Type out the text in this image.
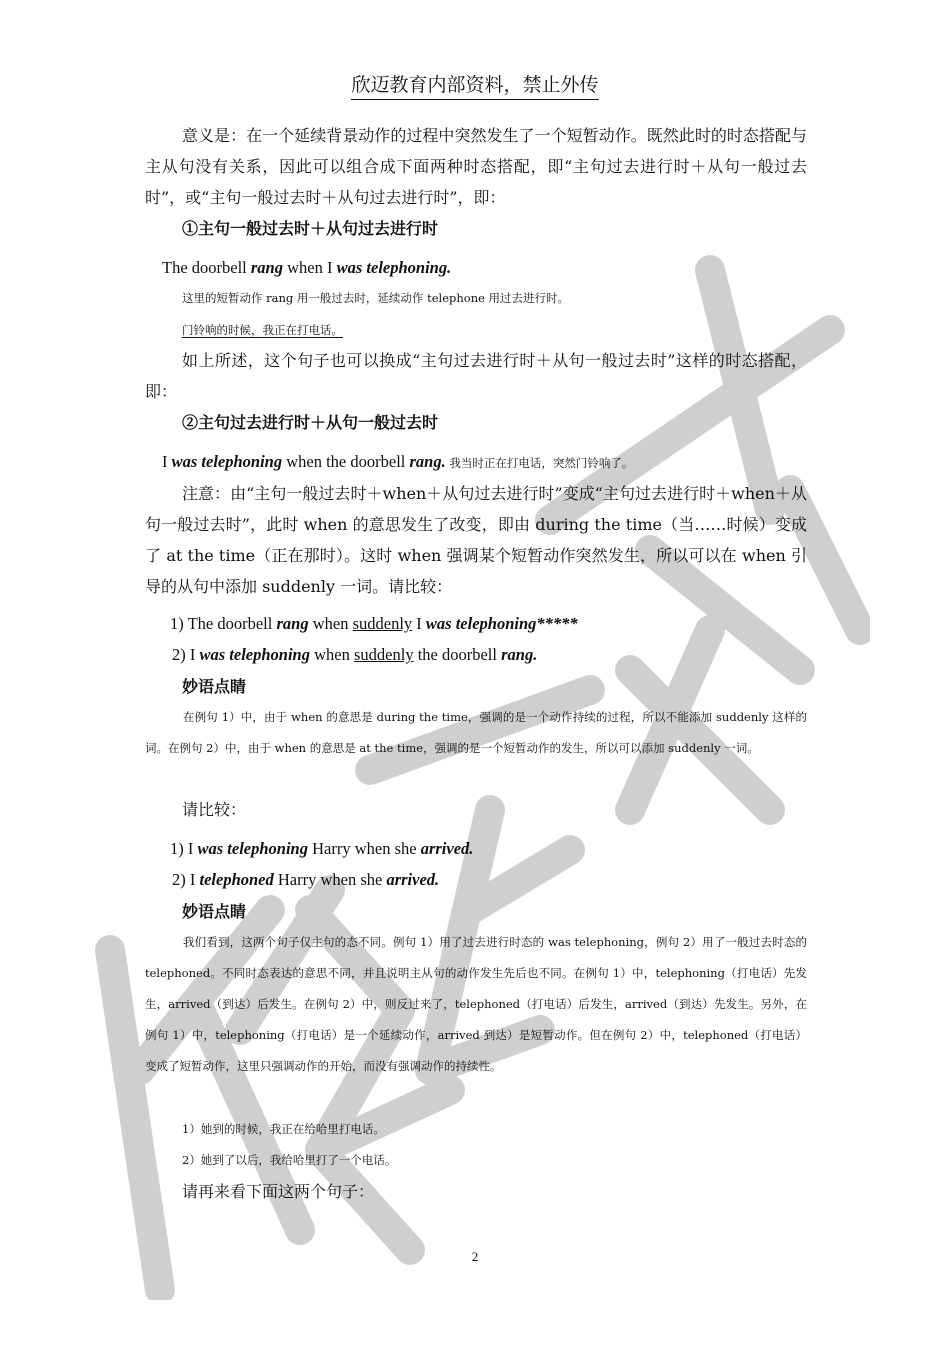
欣迈教育内部资料，禁止外传
意义是：在一个延续背景动作的过程中突然发生了一个短暂动作。既然此时的时态搭配与主从句没有关系，因此可以组合成下面两种时态搭配，即“主句过去进行时＋从句一般过去时”，或“主句一般过去时＋从句过去进行时”，即：
①主句一般过去时＋从句过去进行时
The doorbell rang when I was telephoning.
这里的短暂动作 rang 用一般过去时，延续动作 telephone 用过去进行时。
门铃响的时候，我正在打电话。
如上所述，这个句子也可以换成“主句过去进行时＋从句一般过去时”这样的时态搭配，即：
②主句过去进行时＋从句一般过去时
I was telephoning when the doorbell rang. 我当时正在打电话，突然门铃响了。
注意：由“主句一般过去时＋when＋从句过去进行时”变成“主句过去进行时＋when＋从句一般过去时”，此时 when 的意思发生了改变，即由 during the time（当……时候）变成了 at the time（正在那时）。这时 when 强调某个短暂动作突然发生，所以可以在 when 引导的从句中添加 suddenly 一词。请比较：
1) The doorbell rang when suddenly I was telephoning*****
2) I was telephoning when suddenly the doorbell rang.
妙语点睛
在例句 1）中，由于 when 的意思是 during the time，强调的是一个动作持续的过程，所以不能添加 suddenly 这样的词。在例句 2）中，由于 when 的意思是 at the time，强调的是一个短暂动作的发生，所以可以添加 suddenly 一词。
请比较：
1) I was telephoning Harry when she arrived.
2) I telephoned Harry when she arrived.
妙语点睛
我们看到，这两个句子仅主句的态不同。例句 1）用了过去进行时态的 was telephoning，例句 2）用了一般过去时态的 telephoned。不同时态表达的意思不同，并且说明主从句的动作发生先后也不同。在例句 1）中，telephoning（打电话）先发生，arrived（到达）后发生。在例句 2）中，则反过来了，telephoned（打电话）后发生，arrived（到达）先发生。另外，在例句 1）中，telephoning（打电话）是一个延续动作，arrived 到达）是短暂动作。但在例句 2）中，telephoned（打电话）变成了短暂动作，这里只强调动作的开始，而没有强调动作的持续性。
1）她到的时候，我正在给哈里打电话。
2）她到了以后，我给哈里打了一个电话。
请再来看下面这两个句子：
2
